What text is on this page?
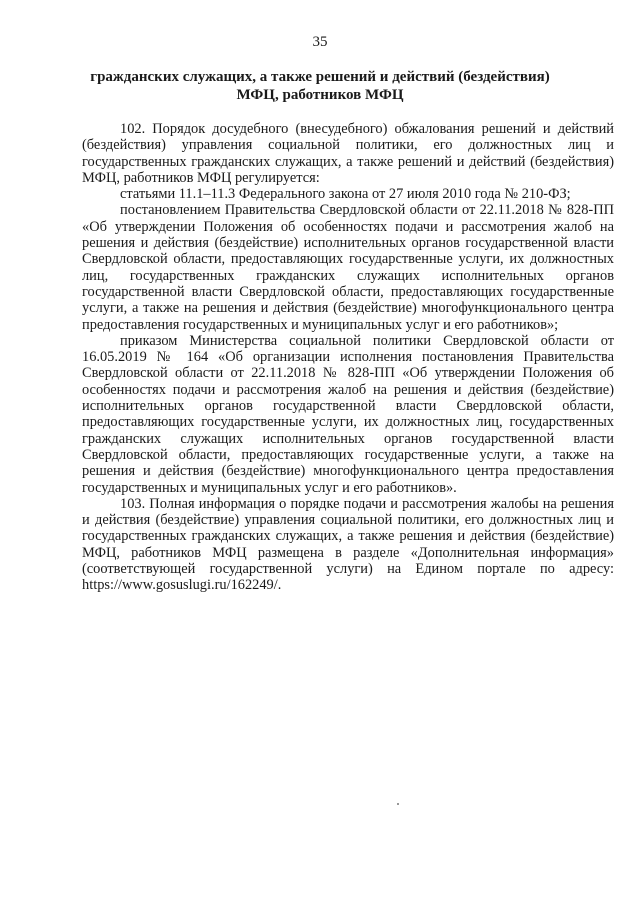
35
гражданских служащих, а также решений и действий (бездействия) МФЦ, работников МФЦ

102. Порядок досудебного (внесудебного) обжалования решений и действий (бездействия) управления социальной политики, его должностных лиц и государственных гражданских служащих, а также решений и действий (бездействия) МФЦ, работников МФЦ регулируется:

статьями 11.1–11.3 Федерального закона от 27 июля 2010 года № 210-ФЗ;

постановлением Правительства Свердловской области от 22.11.2018 № 828-ПП «Об утверждении Положения об особенностях подачи и рассмотрения жалоб на решения и действия (бездействие) исполнительных органов государственной власти Свердловской области, предоставляющих государственные услуги, их должностных лиц, государственных гражданских служащих исполнительных органов государственной власти Свердловской области, предоставляющих государственные услуги, а также на решения и действия (бездействие) многофункционального центра предоставления государственных и муниципальных услуг и его работников»;

приказом Министерства социальной политики Свердловской области от 16.05.2019 № 164 «Об организации исполнения постановления Правительства Свердловской области от 22.11.2018 № 828-ПП «Об утверждении Положения об особенностях подачи и рассмотрения жалоб на решения и действия (бездействие) исполнительных органов государственной власти Свердловской области, предоставляющих государственные услуги, их должностных лиц, государственных гражданских служащих исполнительных органов государственной власти Свердловской области, предоставляющих государственные услуги, а также на решения и действия (бездействие) многофункционального центра предоставления государственных и муниципальных услуг и его работников».

103. Полная информация о порядке подачи и рассмотрения жалобы на решения и действия (бездействие) управления социальной политики, его должностных лиц и государственных гражданских служащих, а также решения и действия (бездействие) МФЦ, работников МФЦ размещена в разделе «Дополнительная информация» (соответствующей государственной услуги) на Едином портале по адресу: https://www.gosuslugi.ru/162249/.
